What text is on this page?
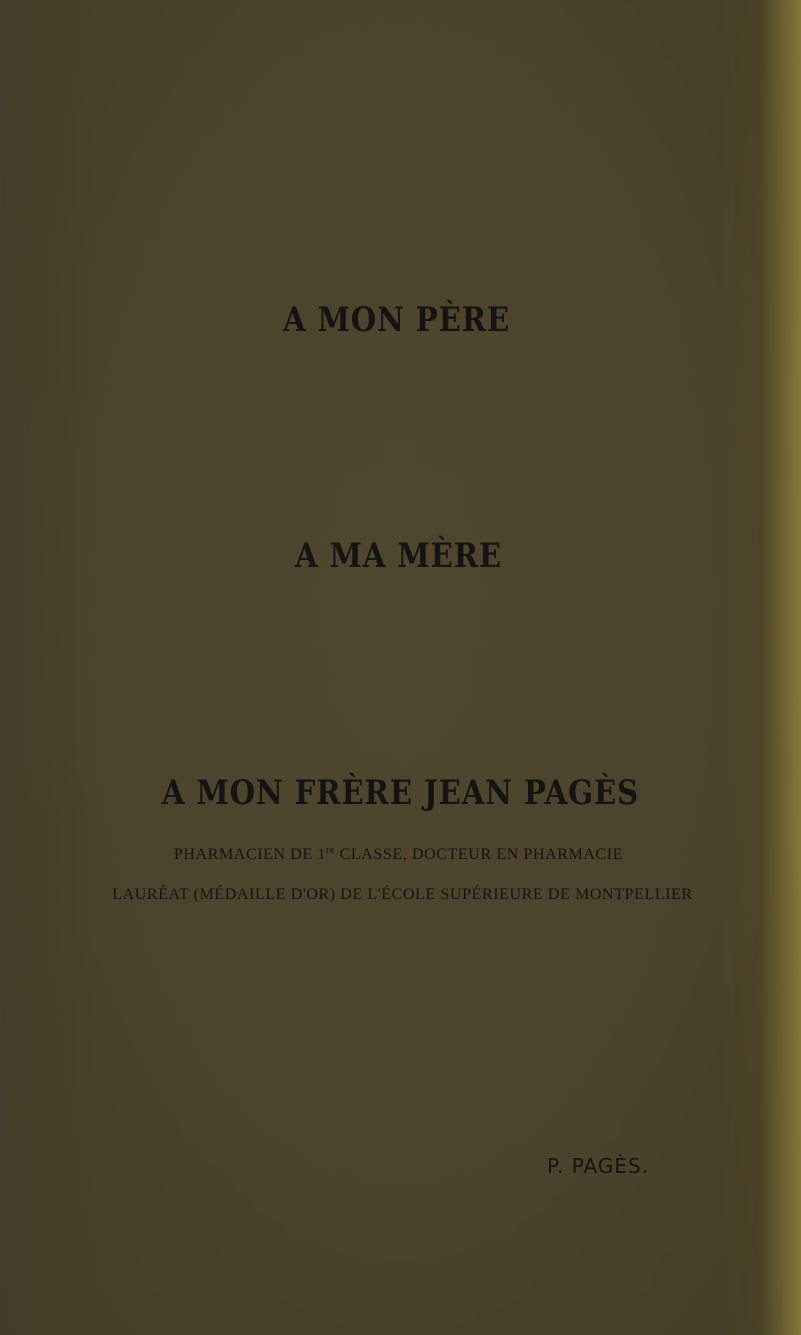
A MON PÈRE
A MA MÈRE
A MON FRÈRE JEAN PAGÈS
PHARMACIEN DE 1re CLASSE, DOCTEUR EN PHARMACIE
LAURÉAT (MÉDAILLE D'OR) DE L'ÉCOLE SUPÉRIEURE DE MONTPELLIER
P. PAGÈS.
